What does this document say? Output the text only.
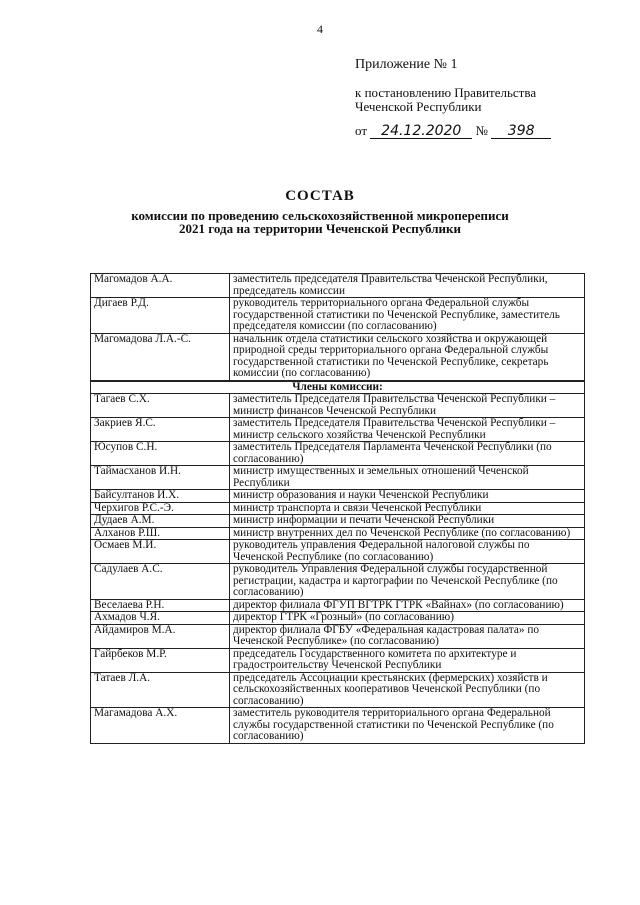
4
Приложение № 1
к постановлению Правительства
Чеченской Республики
от 24.12.2020 № 398
СОСТАВ
комиссии по проведению сельскохозяйственной микропереписи
2021 года на территории Чеченской Республики
Магомадов А.А.	заместитель председателя Правительства Чеченской Республики, председатель комиссии
Дигаев Р.Д.	руководитель территориального органа Федеральной службы государственной статистики по Чеченской Республике, заместитель председателя комиссии (по согласованию)
Магомадова Л.А.-С.	начальник отдела статистики сельского хозяйства и окружающей природной среды территориального органа Федеральной службы государственной статистики по Чеченской Республике, секретарь комиссии (по согласованию)
Члены комиссии:	
Тагаев С.Х.	заместитель Председателя Правительства Чеченской Республики – министр финансов Чеченской Республики
Закриев Я.С.	заместитель Председателя Правительства Чеченской Республики – министр сельского хозяйства Чеченской Республики
Юсупов С.Н.	заместитель Председателя Парламента Чеченской Республики (по согласованию)
Таймасханов И.Н.	министр имущественных и земельных отношений Чеченской Республики
Байсултанов И.Х.	министр образования и науки Чеченской Республики
Черхигов Р.С.-Э.	министр транспорта и связи Чеченской Республики
Дудаев А.М.	министр информации и печати Чеченской Республики
Алханов Р.Ш.	министр внутренних дел по Чеченской Республике (по согласованию)
Осмаев М.И.	руководитель управления Федеральной налоговой службы по Чеченской Республике (по согласованию)
Садулаев А.С.	руководитель Управления Федеральной службы государственной регистрации, кадастра и картографии по Чеченской Республике (по согласованию)
Веселаева Р.Н.	директор филиала ФГУП ВГТРК ГТРК «Вайнах» (по согласованию)
Ахмадов Ч.Я.	директор ГТРК «Грозный» (по согласованию)
Айдамиров М.А.	директор филиала ФГБУ «Федеральная кадастровая палата» по Чеченской Республике» (по согласованию)
Гайрбеков М.Р.	председатель Государственного комитета по архитектуре и градостроительству Чеченской Республики
Татаев Л.А.	председатель Ассоциации крестьянских (фермерских) хозяйств и сельскохозяйственных кооперативов Чеченской Республики (по согласованию)
Магамадова А.Х.	заместитель руководителя территориального органа Федеральной службы государственной статистики по Чеченской Республике (по согласованию)
